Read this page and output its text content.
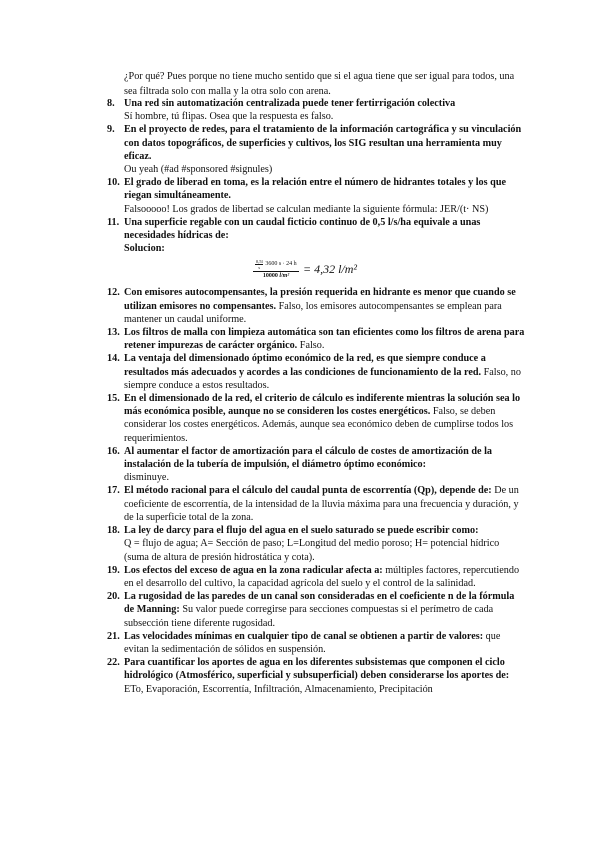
¿Por qué? Pues porque no tiene mucho sentido que si el agua tiene que ser igual para todos, una sea filtrada solo con malla y la otra solo con arena.
8. Una red sin automatización centralizada puede tener fertirrigación colectiva
Sí hombre, tú flipas. Osea que la respuesta es falso.
9. En el proyecto de redes, para el tratamiento de la información cartográfica y su vinculación con datos topográficos, de superficies y cultivos, los SIG resultan una herramienta muy eficaz.
Ou yeah (#ad #sponsored #signules)
10. El grado de liberad en toma, es la relación entre el número de hidrantes totales y los que riegan simultáneamente.
Falsooooo! Los grados de libertad se calculan mediante la siguiente fórmula: JER/(t· NS)
11. Una superficie regable con un caudal ficticio continuo de 0,5 l/s/ha equivale a unas necesidades hídricas de:
Solucion:
0,5l
s
3600 s · 24 h
10000 l/m²
= 4,32 l/m²
12. Con emisores autocompensantes, la presión requerida en hidrante es menor que cuando se utilizan emisores no compensantes. Falso, los emisores autocompensantes se emplean para mantener un caudal uniforme.
13. Los filtros de malla con limpieza automática son tan eficientes como los filtros de arena para retener impurezas de carácter orgánico. Falso.
14. La ventaja del dimensionado óptimo económico de la red, es que siempre conduce a resultados más adecuados y acordes a las condiciones de funcionamiento de la red. Falso, no siempre conduce a estos resultados.
15. En el dimensionado de la red, el criterio de cálculo es indiferente mientras la solución sea lo más económica posible, aunque no se consideren los costes energéticos. Falso, se deben considerar los costes energéticos. Además, aunque sea económico deben de cumplirse todos los requerimientos.
16. Al aumentar el factor de amortización para el cálculo de costes de amortización de la instalación de la tubería de impulsión, el diámetro óptimo económico:
disminuye.
17. El método racional para el cálculo del caudal punta de escorrentía (Qp), depende de: De un coeficiente de escorrentía, de la intensidad de la lluvia máxima para una frecuencia y duración, y de la superficie total de la zona.
18. La ley de darcy para el flujo del agua en el suelo saturado se puede escribir como:
Q = flujo de agua; A= Sección de paso; L=Longitud del medio poroso; H= potencial hídrico (suma de altura de presión hidrostática y cota).
19. Los efectos del exceso de agua en la zona radicular afecta a: múltiples factores, repercutiendo en el desarrollo del cultivo, la capacidad agrícola del suelo y el control de la salinidad.
20. La rugosidad de las paredes de un canal son consideradas en el coeficiente n de la fórmula de Manning: Su valor puede corregirse para secciones compuestas si el perímetro de cada subsección tiene diferente rugosidad.
21. Las velocidades mínimas en cualquier tipo de canal se obtienen a partir de valores: que evitan la sedimentación de sólidos en suspensión.
22. Para cuantificar los aportes de agua en los diferentes subsistemas que componen el ciclo hidrológico (Atmosférico, superficial y subsuperficial) deben considerarse los aportes de: ETo, Evaporación, Escorrentía, Infiltración, Almacenamiento, Precipitación
